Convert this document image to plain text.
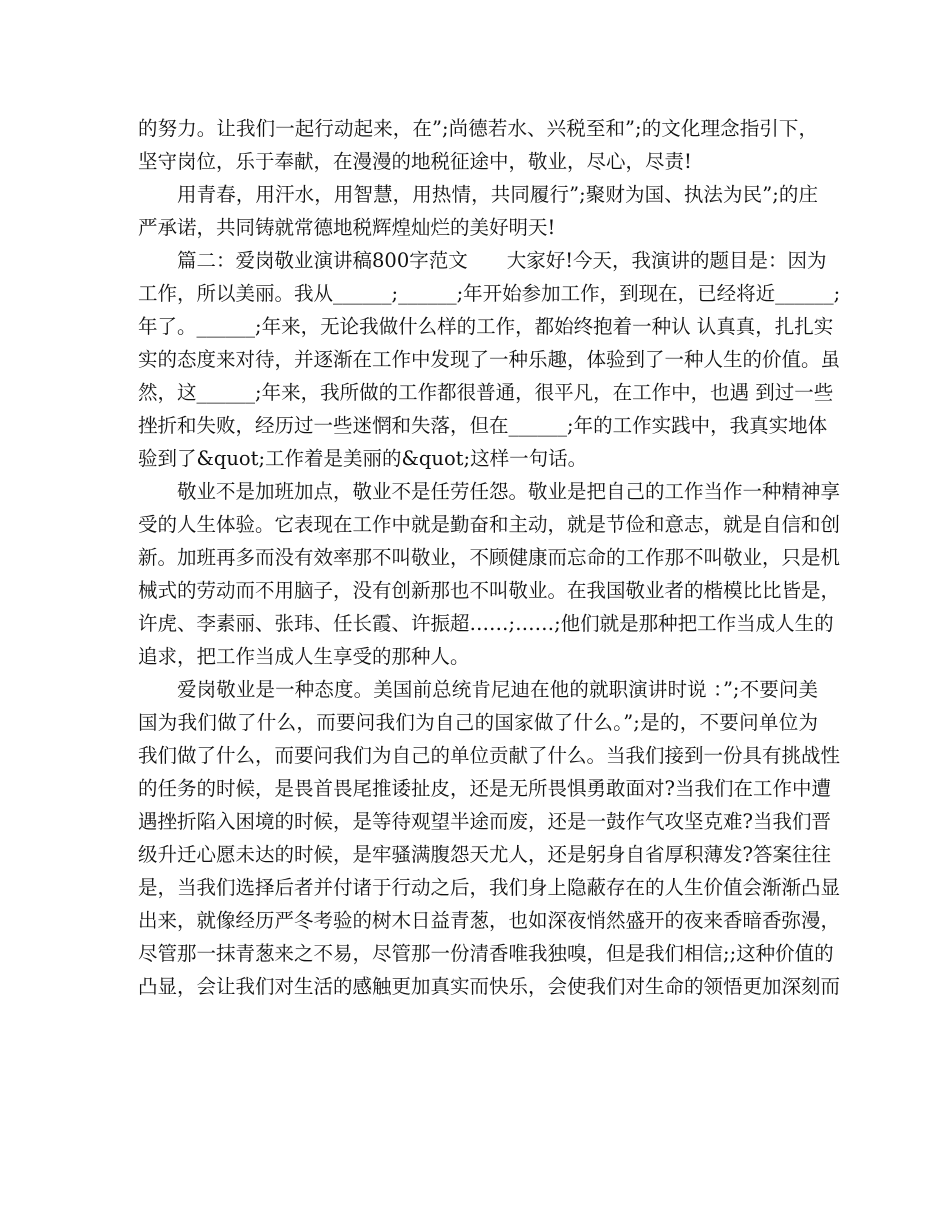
的努力。让我们一起行动起来，在”;尚德若水、兴税至和”;的文化理念指引下，
坚守岗位，乐于奉献，在漫漫的地税征途中，敬业，尽心，尽责!
用青春，用汗水，用智慧，用热情，共同履行”;聚财为国、执法为民”;的庄
严承诺，共同铸就常德地税辉煌灿烂的美好明天!
篇二：爱岗敬业演讲稿800字范文　　大家好!今天，我演讲的题目是：因为
工作，所以美丽。我从______;______;年开始参加工作，到现在，已经将近______;
年了。______;年来，无论我做什么样的工作，都始终抱着一种认 认真真，扎扎实
实的态度来对待，并逐渐在工作中发现了一种乐趣，体验到了一种人生的价值。虽
然，这______;年来，我所做的工作都很普通，很平凡，在工作中，也遇 到过一些
挫折和失败，经历过一些迷惘和失落，但在______;年的工作实践中，我真实地体
验到了&quot;工作着是美丽的&quot;这样一句话。
敬业不是加班加点，敬业不是任劳任怨。敬业是把自己的工作当作一种精神享
受的人生体验。它表现在工作中就是勤奋和主动，就是节俭和意志，就是自信和创
新。加班再多而没有效率那不叫敬业，不顾健康而忘命的工作那不叫敬业，只是机
械式的劳动而不用脑子，没有创新那也不叫敬业。在我国敬业者的楷模比比皆是，
许虎、李素丽、张玮、任长霞、许振超……;……;他们就是那种把工作当成人生的
追求，把工作当成人生享受的那种人。
爱岗敬业是一种态度。美国前总统肯尼迪在他的就职演讲时说 ：”;不要问美
国为我们做了什么，而要问我们为自己的国家做了什么。”;是的，不要问单位为
我们做了什么，而要问我们为自己的单位贡献了什么。当我们接到一份具有挑战性
的任务的时候，是畏首畏尾推诿扯皮，还是无所畏惧勇敢面对?当我们在工作中遭
遇挫折陷入困境的时候，是等待观望半途而废，还是一鼓作气攻坚克难?当我们晋
级升迁心愿未达的时候，是牢骚满腹怨天尤人，还是躬身自省厚积薄发?答案往往
是，当我们选择后者并付诸于行动之后，我们身上隐蔽存在的人生价值会渐渐凸显
出来，就像经历严冬考验的树木日益青葱，也如深夜悄然盛开的夜来香暗香弥漫，
尽管那一抹青葱来之不易，尽管那一份清香唯我独嗅，但是我们相信;;这种价值的
凸显，会让我们对生活的感触更加真实而快乐，会使我们对生命的领悟更加深刻而
